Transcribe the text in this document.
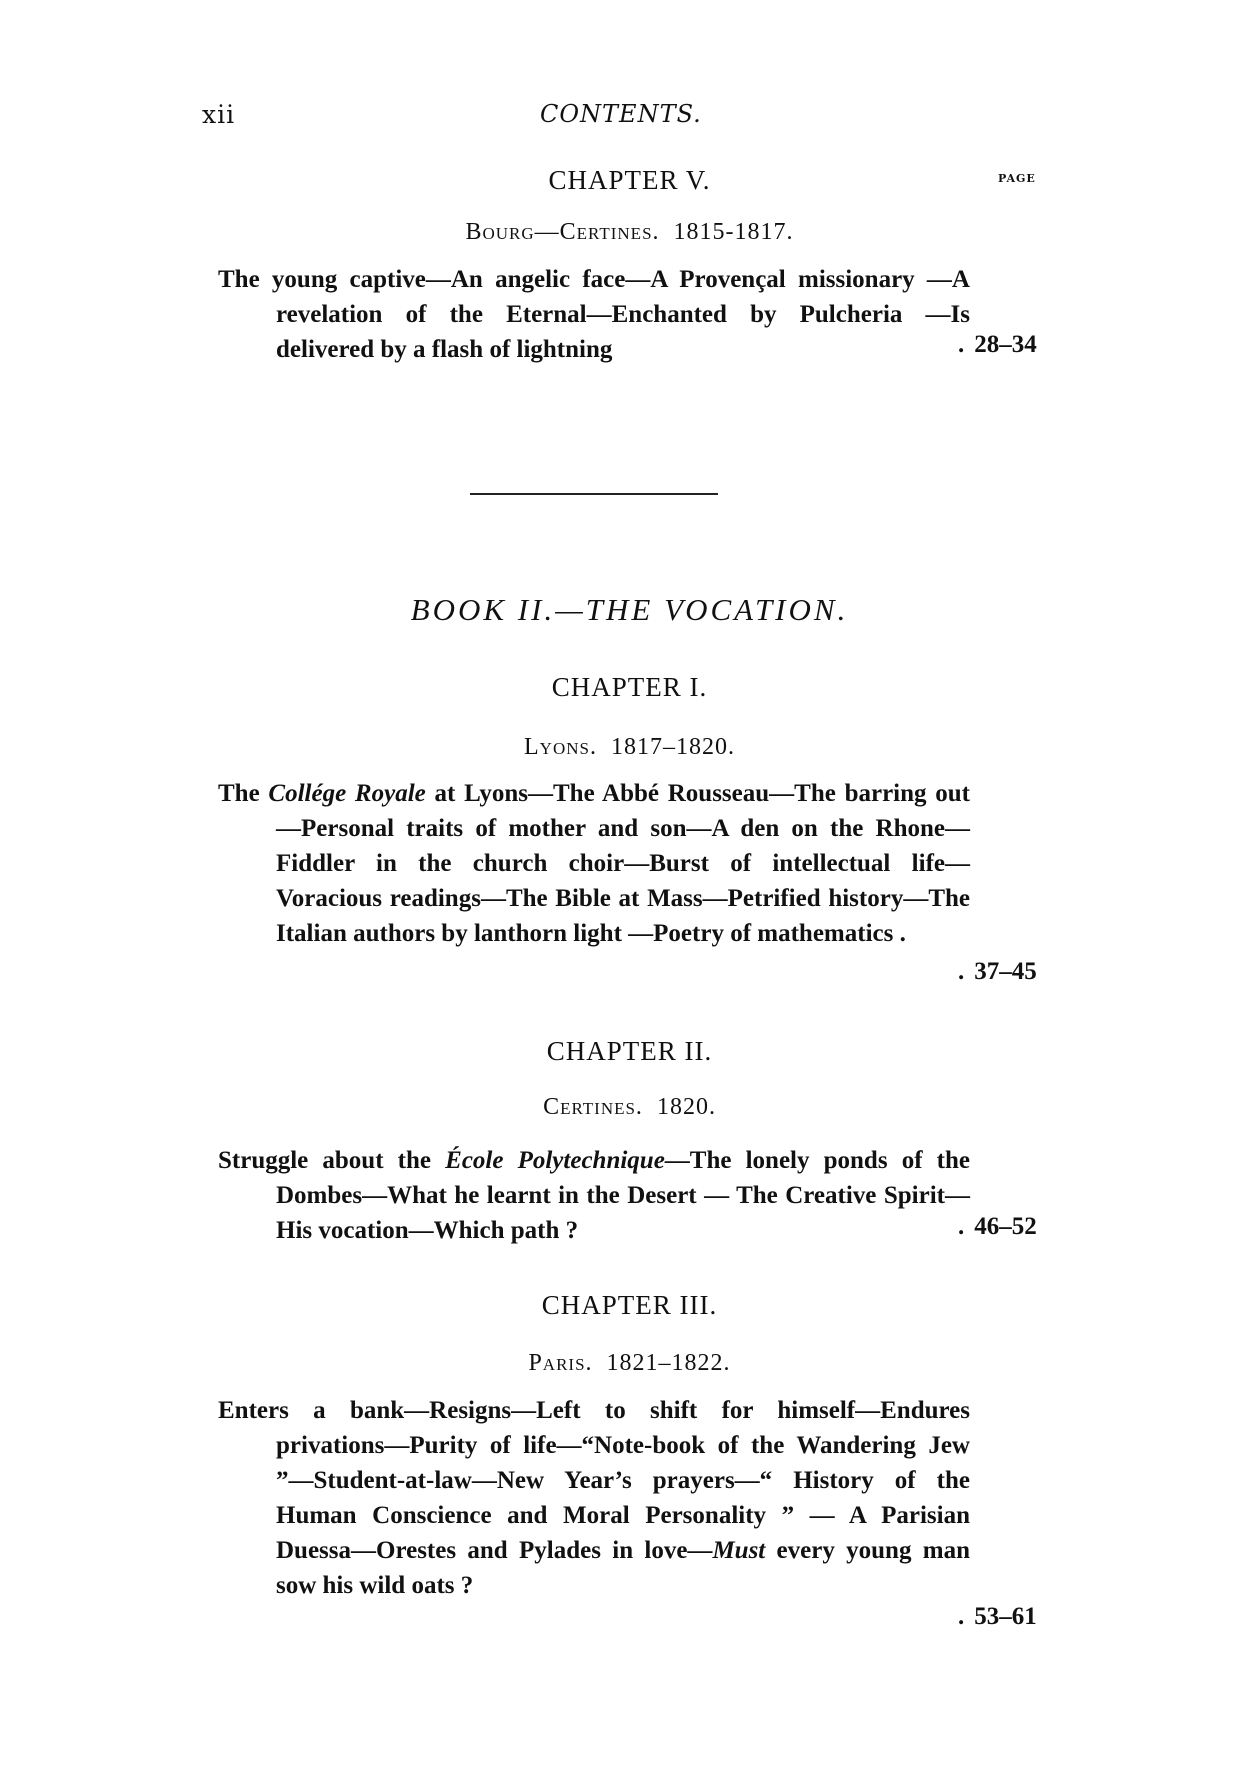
xii	CONTENTS.
PAGE
CHAPTER V.
Bourg—Certines. 1815-1817.
The young captive—An angelic face—A Provençal missionary —A revelation of the Eternal—Enchanted by Pulcheria —Is delivered by a flash of lightning	. 28–34
BOOK II.—THE VOCATION.
CHAPTER I.
Lyons. 1817–1820.
The Collége Royale at Lyons—The Abbé Rousseau—The barring out—Personal traits of mother and son—A den on the Rhone—Fiddler in the church choir—Burst of intellectual life—Voracious readings—The Bible at Mass—Petrified history—The Italian authors by lanthorn light —Poetry of mathematics .
. 37–45
CHAPTER II.
Certines. 1820.
Struggle about the École Polytechnique—The lonely ponds of the Dombes—What he learnt in the Desert — The Creative Spirit—His vocation—Which path ?	. 46–52
CHAPTER III.
Paris. 1821–1822.
Enters a bank—Resigns—Left to shift for himself—Endures privations—Purity of life—“Note-book of the Wandering Jew ”—Student-at-law—New Year’s prayers—“ History of the Human Conscience and Moral Personality ” — A Parisian Duessa—Orestes and Pylades in love—Must every young man sow his wild oats ?
. 53–61
